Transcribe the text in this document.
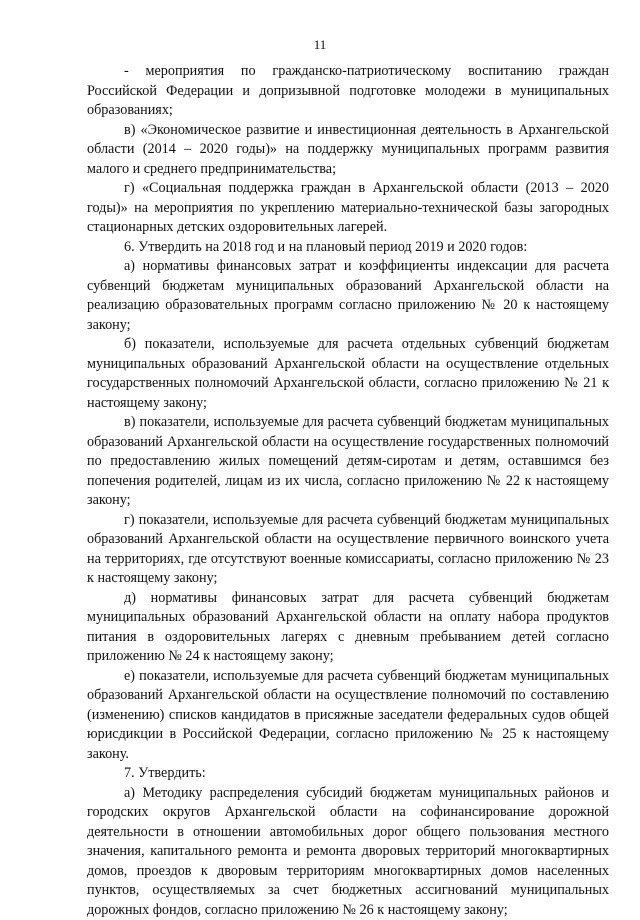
11

- мероприятия по гражданско-патриотическому воспитанию граждан Российской Федерации и допризывной подготовке молодежи в муниципальных образованиях;

в) «Экономическое развитие и инвестиционная деятельность в Архангельской области (2014 – 2020 годы)» на поддержку муниципальных программ развития малого и среднего предпринимательства;

г) «Социальная поддержка граждан в Архангельской области (2013 – 2020 годы)» на мероприятия по укреплению материально-технической базы загородных стационарных детских оздоровительных лагерей.

6. Утвердить на 2018 год и на плановый период 2019 и 2020 годов:

а) нормативы финансовых затрат и коэффициенты индексации для расчета субвенций бюджетам муниципальных образований Архангельской области на реализацию образовательных программ согласно приложению № 20 к настоящему закону;

б) показатели, используемые для расчета отдельных субвенций бюджетам муниципальных образований Архангельской области на осуществление отдельных государственных полномочий Архангельской области, согласно приложению № 21 к настоящему закону;

в) показатели, используемые для расчета субвенций бюджетам муниципальных образований Архангельской области на осуществление государственных полномочий по предоставлению жилых помещений детям-сиротам и детям, оставшимся без попечения родителей, лицам из их числа, согласно приложению № 22 к настоящему закону;

г) показатели, используемые для расчета субвенций бюджетам муниципальных образований Архангельской области на осуществление первичного воинского учета на территориях, где отсутствуют военные комиссариаты, согласно приложению № 23 к настоящему закону;

д) нормативы финансовых затрат для расчета субвенций бюджетам муниципальных образований Архангельской области на оплату набора продуктов питания в оздоровительных лагерях с дневным пребыванием детей согласно приложению № 24 к настоящему закону;

е) показатели, используемые для расчета субвенций бюджетам муниципальных образований Архангельской области на осуществление полномочий по составлению (изменению) списков кандидатов в присяжные заседатели федеральных судов общей юрисдикции в Российской Федерации, согласно приложению № 25 к настоящему закону.

7. Утвердить:

а) Методику распределения субсидий бюджетам муниципальных районов и городских округов Архангельской области на софинансирование дорожной деятельности в отношении автомобильных дорог общего пользования местного значения, капитального ремонта и ремонта дворовых территорий многоквартирных домов, проездов к дворовым территориям многоквартирных домов населенных пунктов, осуществляемых за счет бюджетных ассигнований муниципальных дорожных фондов, согласно приложению № 26 к настоящему закону;
